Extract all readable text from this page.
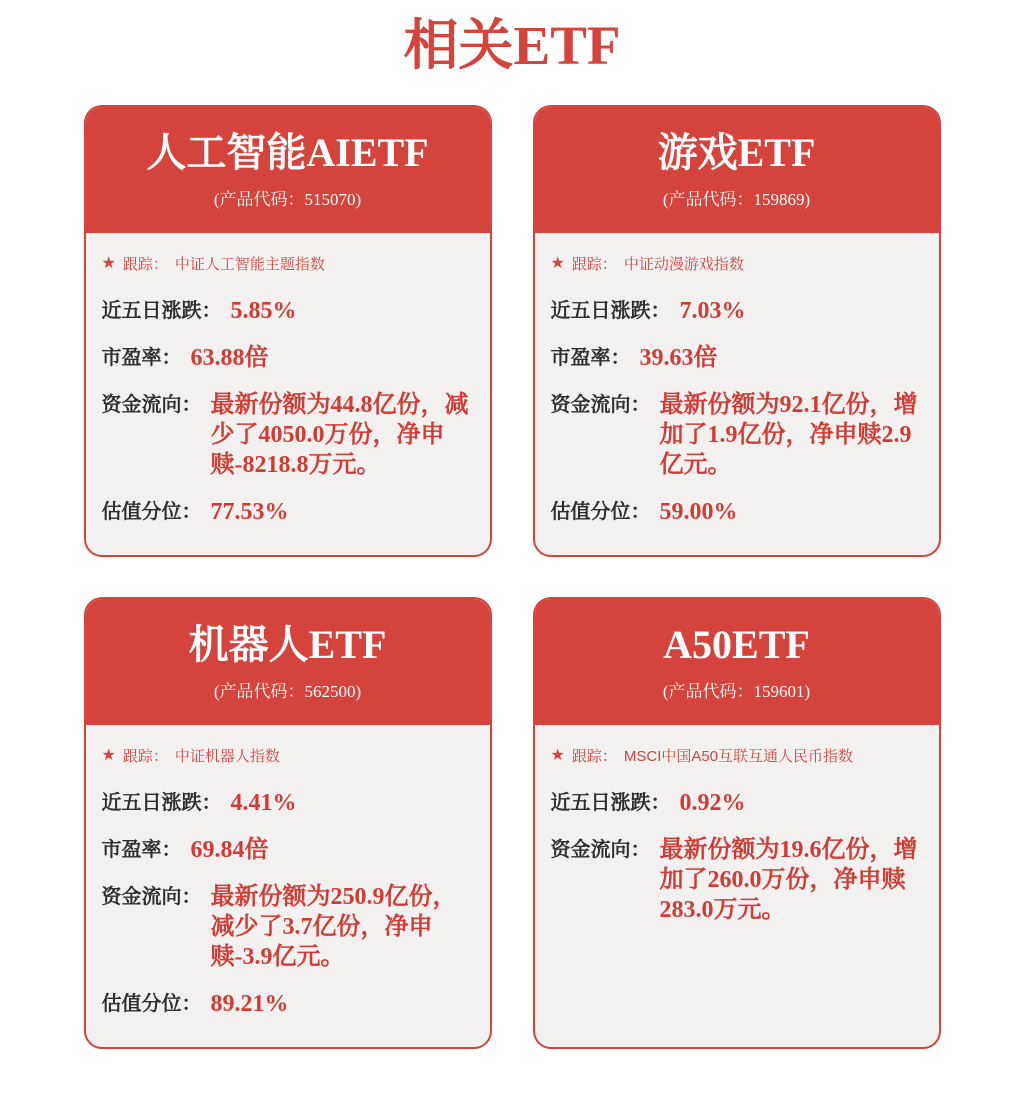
相关ETF
人工智能AIETF
(产品代码：515070)
★ 跟踪： 中证人工智能主题指数
近五日涨跌： 5.85%
市盈率： 63.88倍
资金流向： 最新份额为44.8亿份，减少了4050.0万份，净申赎-8218.8万元。
估值分位： 77.53%
游戏ETF
(产品代码：159869)
★ 跟踪： 中证动漫游戏指数
近五日涨跌： 7.03%
市盈率： 39.63倍
资金流向： 最新份额为92.1亿份，增加了1.9亿份，净申赎2.9亿元。
估值分位： 59.00%
机器人ETF
(产品代码：562500)
★ 跟踪： 中证机器人指数
近五日涨跌： 4.41%
市盈率： 69.84倍
资金流向： 最新份额为250.9亿份，减少了3.7亿份，净申赎-3.9亿元。
估值分位： 89.21%
A50ETF
(产品代码：159601)
★ 跟踪： MSCI中国A50互联互通人民币指数
近五日涨跌： 0.92%
资金流向： 最新份额为19.6亿份，增加了260.0万份，净申赎283.0万元。
